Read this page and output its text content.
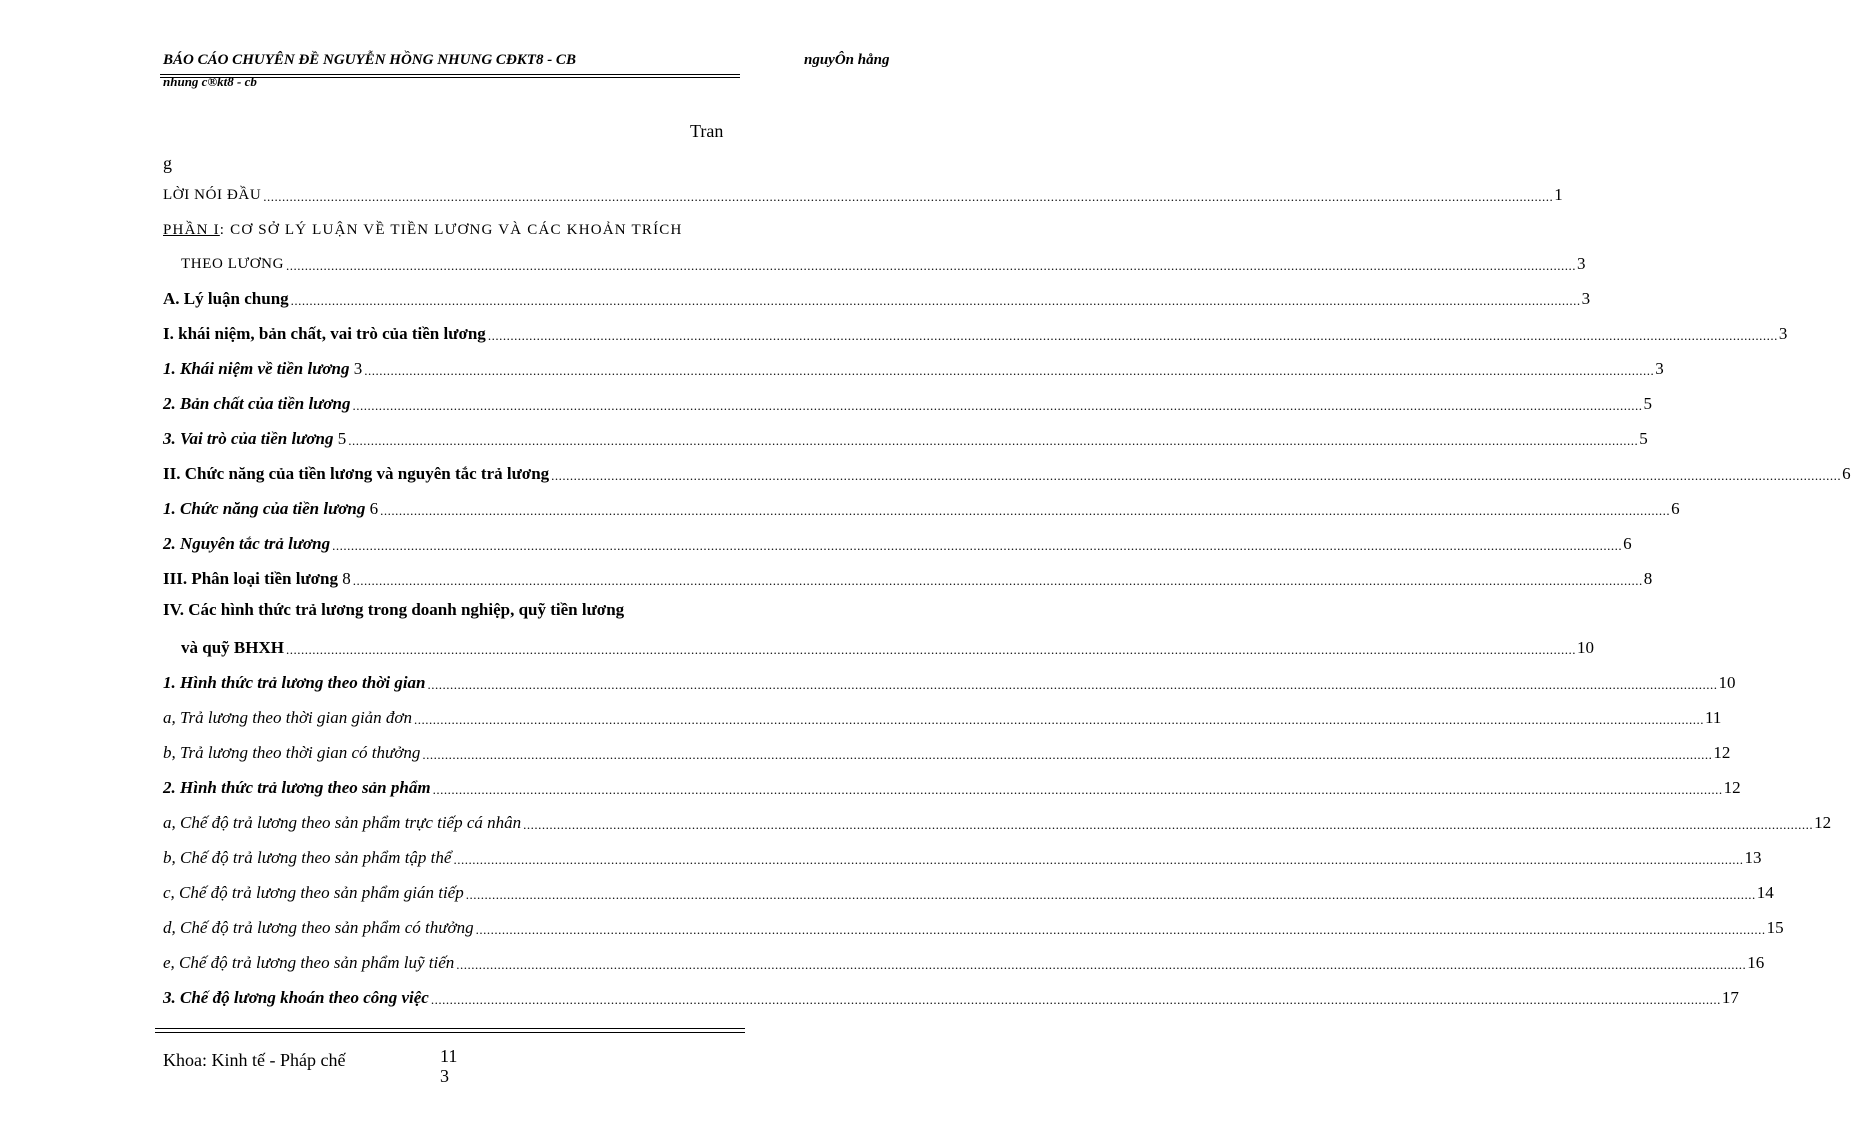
BÁO CÁO CHUYÊN ĐỀ NGUYỄN HỒNG NHUNG CĐKT8 - CB	nguyÔn hång
nhung c®kt8 - cb
Tran
g
LỜI NÓI ĐẦU .....	1
PHẦN I: CƠ SỞ LÝ LUẬN VỀ TIỀN LƯƠNG VÀ CÁC KHOẢN TRÍCH
THEO LƯƠNG .....	3
A. Lý luận chung .....	3
I. khái niệm, bản chất, vai trò của tiền lương .....	3
1. Khái niệm về tiền lương 3 .....	3
2. Bản chất của tiền lương .....	5
3. Vai trò của tiền lương 5 .....	5
II. Chức năng của tiền lương và nguyên tắc trả lương .....	6
1. Chức năng của tiền lương 6 .....	6
2. Nguyên tắc trả lương .....	6
III. Phân loại tiền lương 8 .....	8
IV. Các hình thức trả lương trong doanh nghiệp, quỹ tiền lương
và quỹ BHXH .....	10
1. Hình thức trả lương theo thời gian .....	10
a, Trả lương theo thời gian giản đơn .....	11
b, Trả lương theo thời gian có thưởng .....	12
2. Hình thức trả lương theo sản phẩm .....	12
a, Chế độ trả lương theo sản phẩm trực tiếp cá nhân .....	12
b, Chế độ trả lương theo sản phẩm tập thể .....	13
c, Chế độ trả lương theo sản phẩm gián tiếp .....	14
d, Chế độ trả lương theo sản phẩm có thưởng .....	15
e, Chế độ trả lương theo sản phẩm luỹ tiến .....	16
3. Chế độ lương khoán theo công việc .....	17
Khoa: Kinh tế - Pháp chế	11
3
